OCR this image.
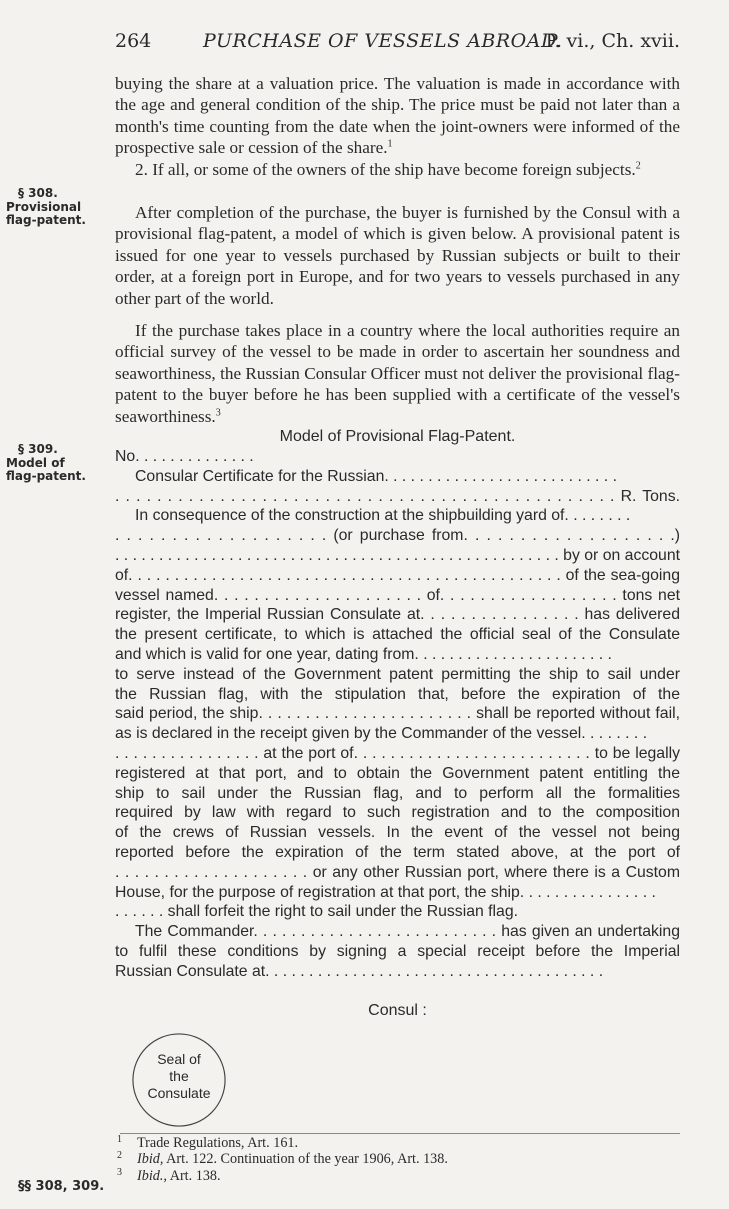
264	PURCHASE OF VESSELS ABROAD.
P. vi., Ch. xvii.

buying the share at a valuation price. The valuation is made in accordance with the age and general condition of the ship. The price must be paid not later than a month's time counting from the date when the joint-owners were informed of the prospective sale or cession of the share.$^1$

2. If all, or some of the owners of the ship have become foreign subjects.$^2$

After completion of the purchase, the buyer is furnished by the Consul with a provisional flag-patent, a model of which is given below. A provisional patent is issued for one year to vessels purchased by Russian subjects or built to their order, at a foreign port in Europe, and for two years to vessels purchased in any other part of the world.

If the purchase takes place in a country where the local authorities require an official survey of the vessel to be made in order to ascertain her soundness and seaworthiness, the Russian Consular Officer must not deliver the provisional flag-patent to the buyer before he has been supplied with a certificate of the vessel's seaworthiness.$^3$

§ 308.
Provisional
flag-patent.
§ 309.
Model of
flag-patent.
Model of Provisional Flag-Patent.
No. . . . . . . . . . . . . .
Consular Certificate for the Russian. . . . . . . . . . . . . . . . . . . . . . . . . . .
. . . . . . . . . . . . . . . . . . . . . . . . . . . . . . . . . . . . . . . . . . . . . . . . R. Tons.
In consequence of the construction at the shipbuilding yard of. . . . . . . .
. . . . . . . . . . . . . . . . . . . (or purchase from. . . . . . . . . . . . . . . . . . .)
. . . . . . . . . . . . . . . . . . . . . . . . . . . . . . . . . . . . . . . . . . . . . . . . . . . by or on account
of. . . . . . . . . . . . . . . . . . . . . . . . . . . . . . . . . . . . . . . . . . . . . . . of the sea-going
vessel named. . . . . . . . . . . . . . . . . . . . . of. . . . . . . . . . . . . . . . . . tons net
register, the Imperial Russian Consulate at. . . . . . . . . . . . . . . . has delivered
the present certificate, to which is attached the official seal of the Consulate
and which is valid for one year, dating from. . . . . . . . . . . . . . . . . . . . . . .
to serve instead of the Government patent permitting the ship to sail under
the Russian flag, with the stipulation that, before the expiration of the
said period, the ship. . . . . . . . . . . . . . . . . . . . . . . shall be reported without fail,
as is declared in the receipt given by the Commander of the vessel. . . . . . . .
. . . . . . . . . . . . . . . . at the port of. . . . . . . . . . . . . . . . . . . . . . . . . . to be legally
registered at that port, and to obtain the Government patent entitling the
ship to sail under the Russian flag, and to perform all the formalities
required by law with regard to such registration and to the composition
of the crews of Russian vessels. In the event of the vessel not being
reported before the expiration of the term stated above, at the port of
. . . . . . . . . . . . . . . . . . . . or any other Russian port, where there is a Custom
House, for the purpose of registration at that port, the ship. . . . . . . . . . . . . . . .
. . . . . . shall forfeit the right to sail under the Russian flag.
The Commander. . . . . . . . . . . . . . . . . . . . . . . . . . has given an undertaking
to fulfil these conditions by signing a special receipt before the Imperial
Russian Consulate at. . . . . . . . . . . . . . . . . . . . . . . . . . . . . . . . . . . . . . .
Consul :
Seal of
the
Consulate
1 Trade Regulations, Art. 161.
2 Ibid, Art. 122. Continuation of the year 1906, Art. 138.
3 Ibid., Art. 138.
§§ 308, 309.
